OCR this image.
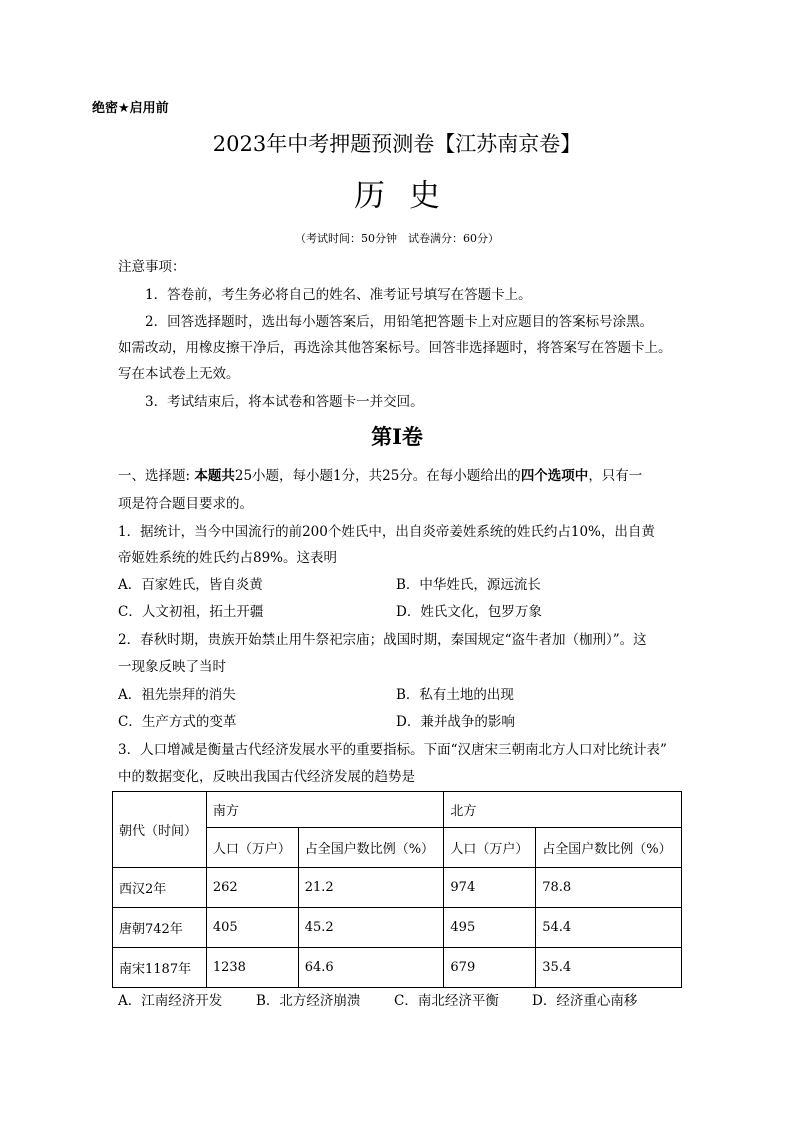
绝密★启用前
2023年中考押题预测卷【江苏南京卷】
历史
（考试时间：50分钟　试卷满分：60分）
注意事项：
1．答卷前，考生务必将自己的姓名、准考证号填写在答题卡上。
2．回答选择题时，选出每小题答案后，用铅笔把答题卡上对应题目的答案标号涂黑。
如需改动，用橡皮擦干净后，再选涂其他答案标号。回答非选择题时，将答案写在答题卡上。
写在本试卷上无效。
3．考试结束后，将本试卷和答题卡一并交回。
第Ⅰ卷
一、选择题: 本题共25小题，每小题1分，共25分。在每小题给出的四个选项中，只有一
项是符合题目要求的。
1．据统计，当今中国流行的前200个姓氏中，出自炎帝姜姓系统的姓氏约占10%，出自黄
帝姬姓系统的姓氏约占89%。这表明
A．百家姓氏，皆自炎黄	B．中华姓氏，源远流长
C．人文初祖，拓土开疆	D．姓氏文化，包罗万象
2．春秋时期，贵族开始禁止用牛祭祀宗庙；战国时期，秦国规定“盗牛者加（枷刑）”。这
一现象反映了当时
A．祖先崇拜的消失	B．私有土地的出现
C．生产方式的变革	D．兼并战争的影响
3．人口增减是衡量古代经济发展水平的重要指标。下面“汉唐宋三朝南北方人口对比统计表”
中的数据变化，反映出我国古代经济发展的趋势是
朝代（时间）	南方		北方	
	人口（万户）	占全国户数比例（%）	人口（万户）	占全国户数比例（%）
西汉2年	262	21.2	974	78.8
唐朝742年	405	45.2	495	54.4
南宋1187年	1238	64.6	679	35.4
A．江南经济开发	B．北方经济崩溃 C．南北经济平衡 D．经济重心南移
